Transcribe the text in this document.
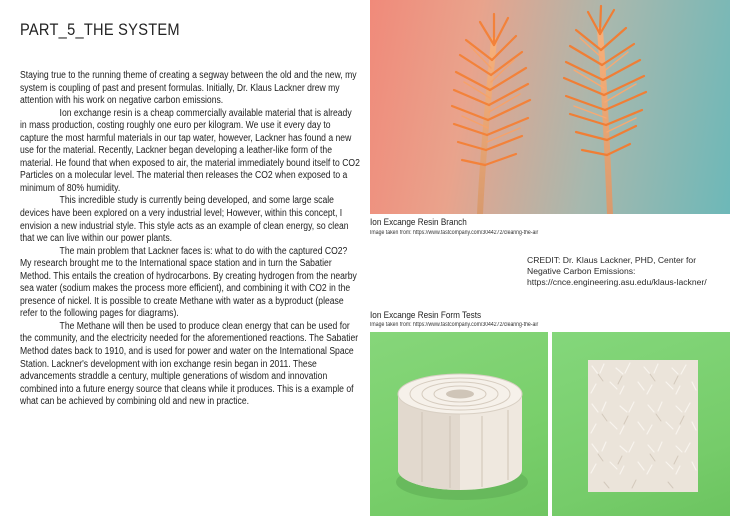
PART_5_THE SYSTEM

Staying true to the running theme of creating a segway between the old and the new, my system is coupling of past and present formulas. Initially, Dr. Klaus Lackner drew my attention with his work on negative carbon emissions.

Ion exchange resin is a cheap commercially available material that is already in mass production, costing roughly one euro per kilogram. We use it every day to capture the most harmful materials in our tap water, however, Lackner has found a new use for the material. Recently, Lackner began developing a leather-like form of the material. He found that when exposed to air, the material immediately bound itself to CO2 Particles on a molecular level. The material then releases the CO2 when exposed to a minimum of 80% humidity.

This incredible study is currently being developed, and some large scale devices have been explored on a very industrial level; However, within this concept, I envision a new industrial style. This style acts as an example of clean energy, so clean that we can live within our power plants.

The main problem that Lackner faces is: what to do with the captured CO2? My research brought me to the International space station and in turn the Sabatier Method. This entails the creation of hydrocarbons. By creating hydrogen from the nearby sea water (sodium makes the process more efficient), and combining it with CO2 in the presence of nickel. It is possible to create Methane with water as a byproduct (please refer to the following pages for diagrams).

The Methane will then be used to produce clean energy that can be used for the community, and the electricity needed for the aforementioned reactions. The Sabatier Method dates back to 1910, and is used for power and water on the International Space Station. Lackner's development with ion exchange resin began in 2011. These advancements straddle a century, multiple generations of wisdom and innovation combined into a future energy source that cleans while it produces. This is a example of what can be achieved by combining old and new in practice.

Ion Excange Resin Branch
Image taken from: https://www.fastcompany.com/3044272/clearing-the-air

CREDIT: Dr. Klaus Lackner, PHD, Center for Negative Carbon Emissions:

https://cnce.engineering.asu.edu/klaus-lackner/

Ion Excange Resin Form Tests
Image taken from: https://www.fastcompany.com/3044272/clearing-the-air
